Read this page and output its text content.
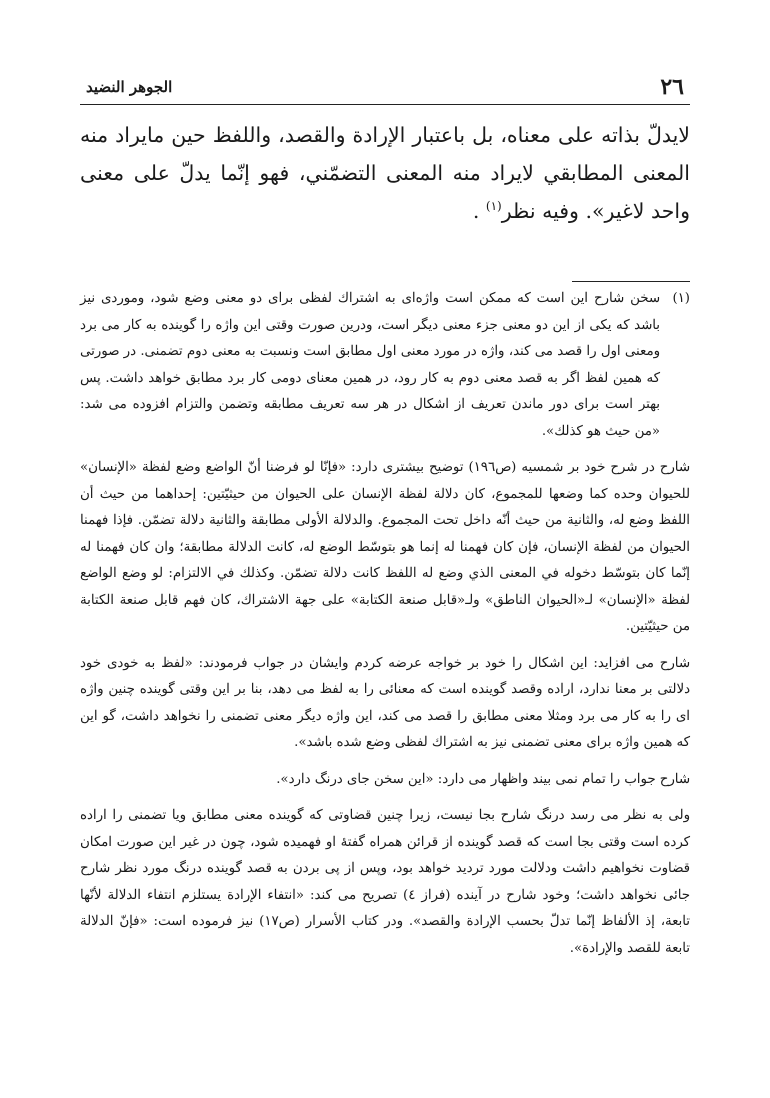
٢٦
الجوهر النضيد
لايدلّ بذاته على معناه، بل باعتبار الإرادة والقصد، واللفظ حين مايراد منه المعنى المطابقي لايراد منه المعنى التضمّني، فهو إنّما يدلّ على معنى واحد لاغير». وفيه نظر$^{(١)}$ .
(١)
سخن شارح این است که ممکن است واژه‌ای به اشتراك لفظی برای دو معنی وضع شود، وموردی نیز باشد که یکی از این دو معنی جزء معنی دیگر است، ودرین صورت وقتی این واژه را گوینده به کار می برد ومعنی اول را قصد می کند، واژه در مورد معنی اول مطابق است ونسبت به معنی دوم تضمنی. در صورتی که همین لفظ اگر به قصد معنی دوم به کار رود، در همین معنای دومی کار برد مطابق خواهد داشت. پس بهتر است برای دور ماندن تعریف از اشکال در هر سه تعریف مطابقه وتضمن والتزام افزوده می شد: «من حیث هو كذلك».

شارح در شرح خود بر شمسیه (ص١٩٦) توضیح بیشتری دارد: «فإنّا لو فرضنا أنّ الواضع وضع لفظة «الإنسان» للحيوان وحده كما وضعها للمجموع، كان دلالة لفظة الإنسان على الحيوان من حيثيّتين: إحداهما من حيث أن اللفظ وضع له، والثانية من حيث أنّه داخل تحت المجموع. والدلالة الأولى مطابقة والثانية دلالة تضمّن. فإذا فهمنا الحيوان من لفظة الإنسان، فإن كان فهمنا له إنما هو بتوسّط الوضع له، كانت الدلالة مطابقة؛ وان كان فهمنا له إنّما كان بتوسّط دخوله في المعنى الذي وضع له اللفظ كانت دلالة تضمّن. وكذلك في الالتزام: لو وضع الواضع لفظة «الإنسان» لـ«الحيوان الناطق» ولـ«قابل صنعة الكتابة» على جهة الاشتراك، كان فهم قابل صنعة الكتابة من حيثيّتين.

شارح می افزاید: این اشکال را خود بر خواجه عرضه کردم وایشان در جواب فرمودند: «لفظ به خودی خود دلالتی بر معنا ندارد، اراده وقصد گوینده است که معنائی را به لفظ می دهد، بنا بر این وقتی گوینده چنین واژه ای را به کار می برد ومثلا معنی مطابق را قصد می کند، این واژه دیگر معنی تضمنی را نخواهد داشت، گو این که همین واژه برای معنی تضمنی نیز به اشتراك لفظی وضع شده باشد».

شارح جواب را تمام نمی بیند واظهار می دارد: «این سخن جای درنگ دارد».

ولی به نظر می رسد درنگ شارح بجا نیست، زیرا چنین قضاوتی که گوینده معنی مطابق ویا تضمنی را اراده کرده است وقتی بجا است که قصد گوینده از قرائن همراه گفتهٔ او فهمیده شود، چون در غیر این صورت امکان قضاوت نخواهیم داشت ودلالت مورد تردید خواهد بود، وپس از پی بردن به قصد گوینده درنگ مورد نظر شارح جائی نخواهد داشت؛ وخود شارح در آینده (فراز ٤) تصریح می کند: «انتفاء الإرادة يستلزم انتفاء الدلالة لأنّها تابعة، إذ الألفاظ إنّما تدلّ بحسب الإرادة والقصد». ودر كتاب الأسرار (ص١٧) نیز فرموده است: «فإنّ الدلالة تابعة للقصد والإرادة».
